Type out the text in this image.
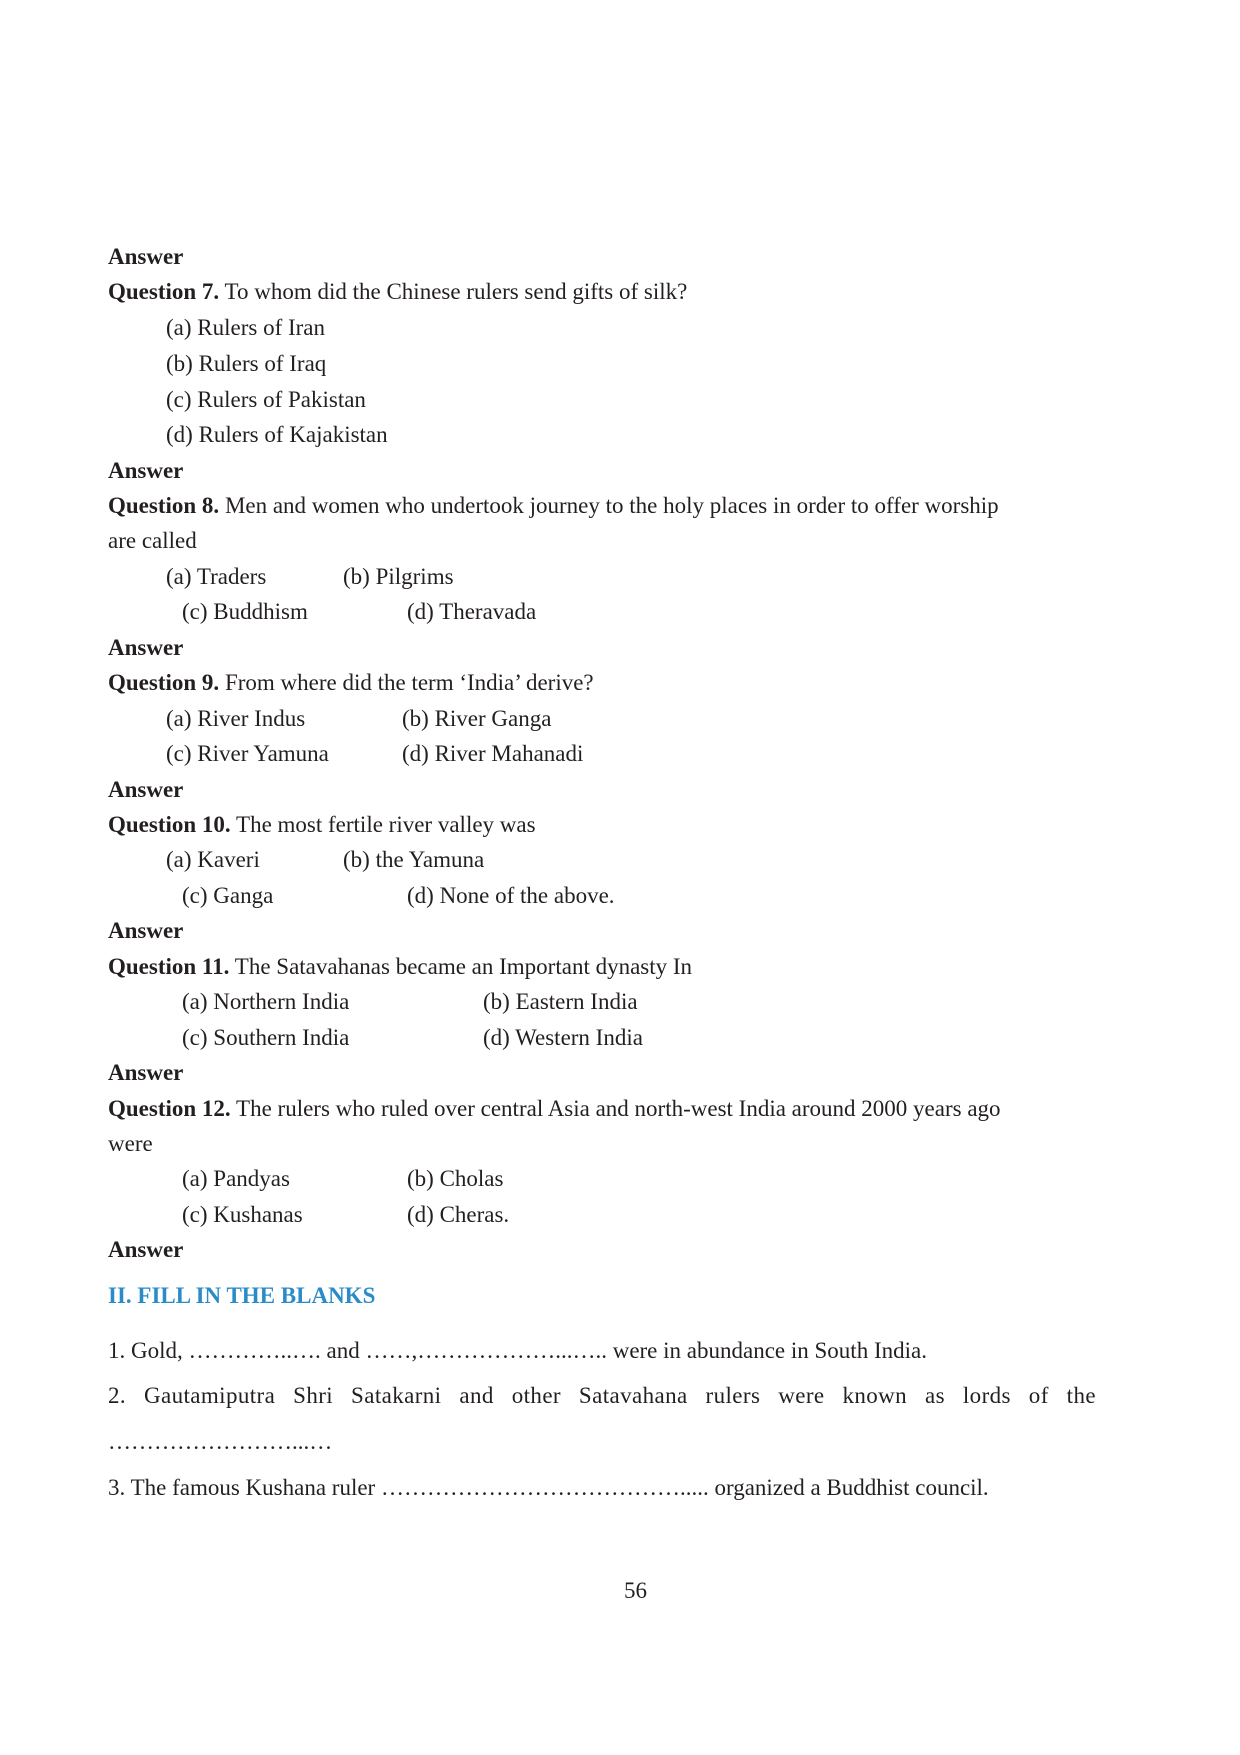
Answer
Question 7. To whom did the Chinese rulers send gifts of silk?
(a) Rulers of Iran
(b) Rulers of Iraq
(c) Rulers of Pakistan
(d) Rulers of Kajakistan
Answer
Question 8. Men and women who undertook journey to the holy places in order to offer worship
are called
(a) Traders	(b) Pilgrims
(c) Buddhism	(d) Theravada
Answer
Question 9. From where did the term ‘India’ derive?
(a) River Indus	(b) River Ganga
(c) River Yamuna	(d) River Mahanadi
Answer
Question 10. The most fertile river valley was
(a) Kaveri	(b) the Yamuna
(c) Ganga	(d) None of the above.
Answer
Question 11. The Satavahanas became an Important dynasty In
(a) Northern India	(b) Eastern India
(c) Southern India	(d) Western India
Answer
Question 12. The rulers who ruled over central Asia and north-west India around 2000 years ago
were
(a) Pandyas	(b) Cholas
(c) Kushanas	(d) Cheras.
Answer
II. FILL IN THE BLANKS
1. Gold, …………..…. and ……,………………...….. were in abundance in South India.
2. Gautamiputra Shri Satakarni and other Satavahana rulers were known as lords of the
……………………...…
3. The famous Kushana ruler …………………………………..... organized a Buddhist council.
56
